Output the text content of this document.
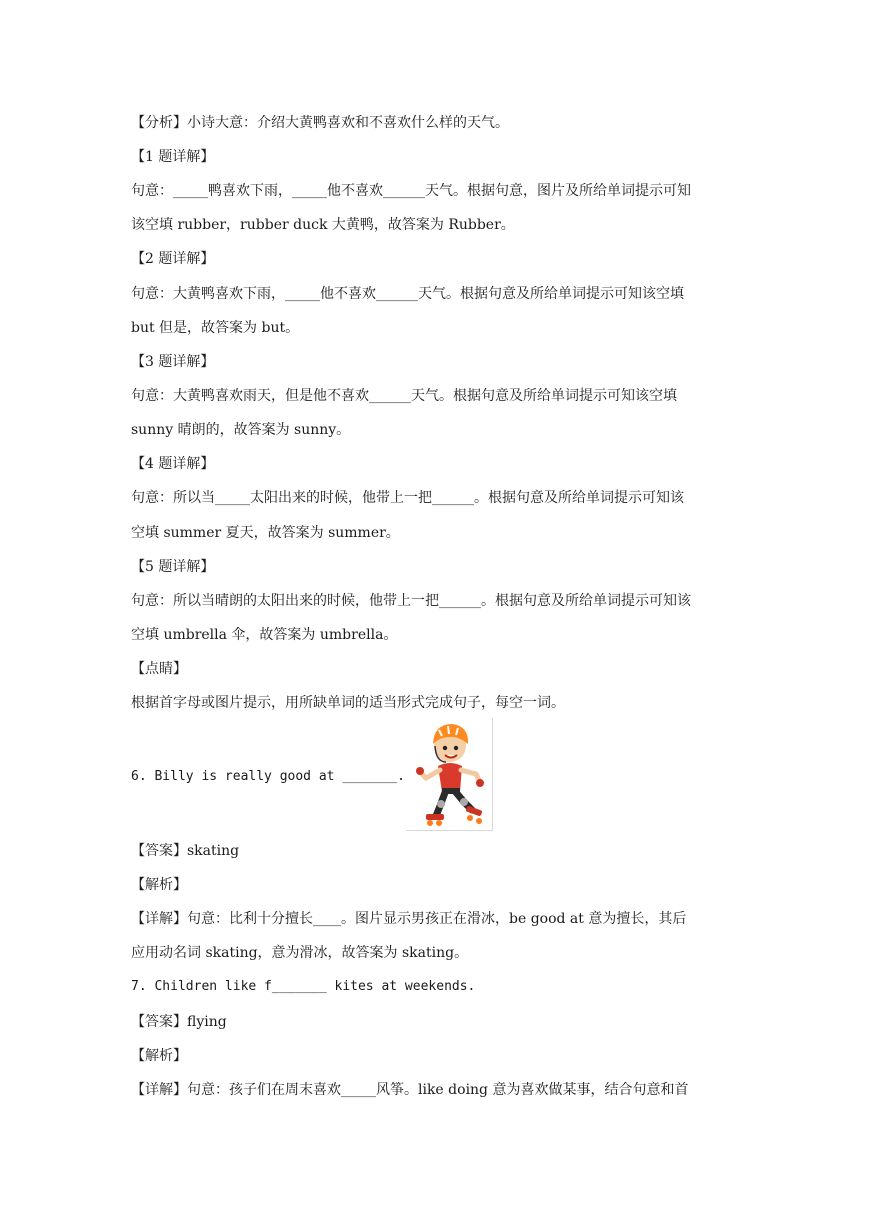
【分析】小诗大意：介绍大黄鸭喜欢和不喜欢什么样的天气。
【1 题详解】
句意：_____鸭喜欢下雨，_____他不喜欢______天气。根据句意，图片及所给单词提示可知
该空填 rubber，rubber duck 大黄鸭，故答案为 Rubber。
【2 题详解】
句意：大黄鸭喜欢下雨，_____他不喜欢______天气。根据句意及所给单词提示可知该空填
but 但是，故答案为 but。
【3 题详解】
句意：大黄鸭喜欢雨天，但是他不喜欢______天气。根据句意及所给单词提示可知该空填
sunny 晴朗的，故答案为 sunny。
【4 题详解】
句意：所以当_____太阳出来的时候，他带上一把______。根据句意及所给单词提示可知该
空填 summer 夏天，故答案为 summer。
【5 题详解】
句意：所以当晴朗的太阳出来的时候，他带上一把______。根据句意及所给单词提示可知该
空填 umbrella 伞，故答案为 umbrella。
【点睛】
根据首字母或图片提示，用所缺单词的适当形式完成句子，每空一词。
6. Billy is really good at _______.
【答案】skating
【解析】
【详解】句意：比利十分擅长____。图片显示男孩正在滑冰，be good at 意为擅长，其后
应用动名词 skating，意为滑冰，故答案为 skating。
7. Children like f_______ kites at weekends.
【答案】flying
【解析】
【详解】句意：孩子们在周末喜欢_____风筝。like doing 意为喜欢做某事，结合句意和首
